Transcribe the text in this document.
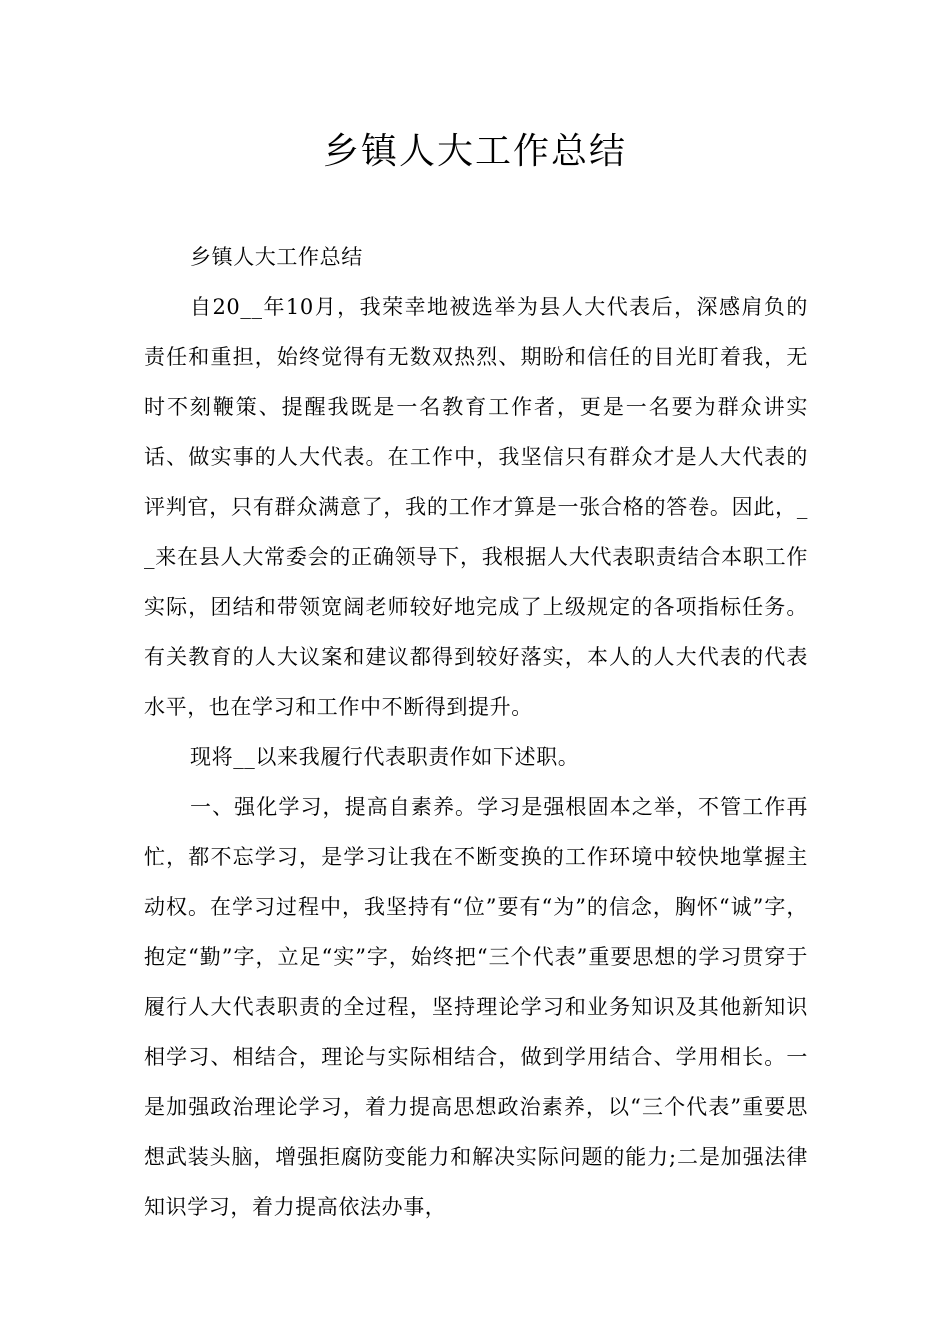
乡镇人大工作总结

乡镇人大工作总结

自20__年10月，我荣幸地被选举为县人大代表后，深感肩负的责任和重担，始终觉得有无数双热烈、期盼和信任的目光盯着我，无时不刻鞭策、提醒我既是一名教育工作者，更是一名要为群众讲实话、做实事的人大代表。在工作中，我坚信只有群众才是人大代表的评判官，只有群众满意了，我的工作才算是一张合格的答卷。因此，__来在县人大常委会的正确领导下，我根据人大代表职责结合本职工作实际，团结和带领宽阔老师较好地完成了上级规定的各项指标任务。有关教育的人大议案和建议都得到较好落实，本人的人大代表的代表水平，也在学习和工作中不断得到提升。

现将__以来我履行代表职责作如下述职。

一、强化学习，提高自素养。学习是强根固本之举，不管工作再忙，都不忘学习，是学习让我在不断变换的工作环境中较快地掌握主动权。在学习过程中，我坚持有“位”要有“为”的信念，胸怀“诚”字，抱定“勤”字，立足“实”字，始终把“三个代表”重要思想的学习贯穿于履行人大代表职责的全过程，坚持理论学习和业务知识及其他新知识相学习、相结合，理论与实际相结合，做到学用结合、学用相长。一是加强政治理论学习，着力提高思想政治素养，以“三个代表”重要思想武装头脑，增强拒腐防变能力和解决实际问题的能力;二是加强法律知识学习，着力提高依法办事，
